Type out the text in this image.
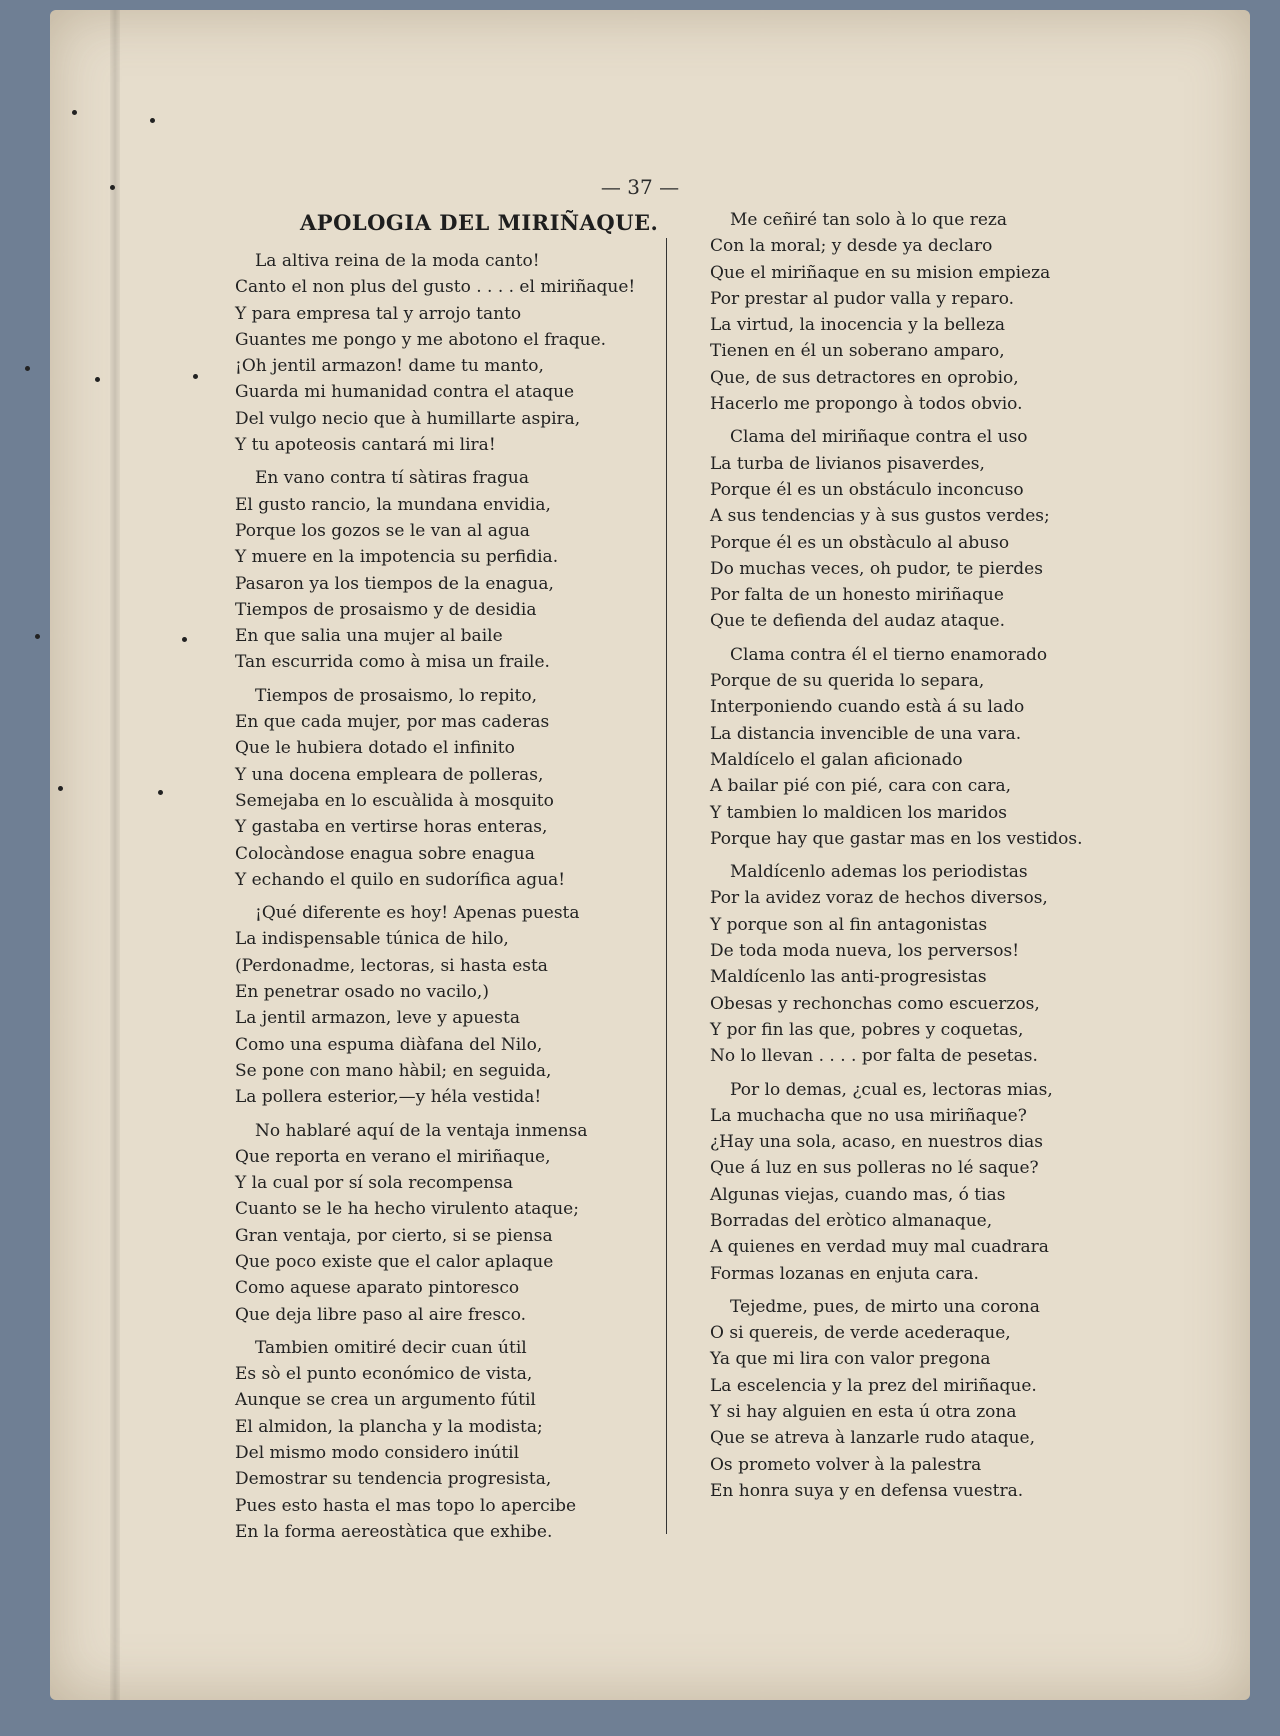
— 37 —
APOLOGIA DEL MIRIÑAQUE.
La altiva reina de la moda canto!
Canto el non plus del gusto . . . . el miriñaque!
Y para empresa tal y arrojo tanto
Guantes me pongo y me abotono el fraque.
¡Oh jentil armazon! dame tu manto,
Guarda mi humanidad contra el ataque
Del vulgo necio que à humillarte aspira,
Y tu apoteosis cantará mi lira!
En vano contra tí sàtiras fragua
El gusto rancio, la mundana envidia,
Porque los gozos se le van al agua
Y muere en la impotencia su perfidia.
Pasaron ya los tiempos de la enagua,
Tiempos de prosaismo y de desidia
En que salia una mujer al baile
Tan escurrida como à misa un fraile.
Tiempos de prosaismo, lo repito,
En que cada mujer, por mas caderas
Que le hubiera dotado el infinito
Y una docena empleara de polleras,
Semejaba en lo escuàlida à mosquito
Y gastaba en vertirse horas enteras,
Colocàndose enagua sobre enagua
Y echando el quilo en sudorífica agua!
¡Qué diferente es hoy! Apenas puesta
La indispensable túnica de hilo,
(Perdonadme, lectoras, si hasta esta
En penetrar osado no vacilo,)
La jentil armazon, leve y apuesta
Como una espuma diàfana del Nilo,
Se pone con mano hàbil; en seguida,
La pollera esterior,—y héla vestida!
No hablaré aquí de la ventaja inmensa
Que reporta en verano el miriñaque,
Y la cual por sí sola recompensa
Cuanto se le ha hecho virulento ataque;
Gran ventaja, por cierto, si se piensa
Que poco existe que el calor aplaque
Como aquese aparato pintoresco
Que deja libre paso al aire fresco.
Tambien omitiré decir cuan útil
Es sò el punto económico de vista,
Aunque se crea un argumento fútil
El almidon, la plancha y la modista;
Del mismo modo considero inútil
Demostrar su tendencia progresista,
Pues esto hasta el mas topo lo apercibe
En la forma aereostàtica que exhibe.
Me ceñiré tan solo à lo que reza
Con la moral; y desde ya declaro
Que el miriñaque en su mision empieza
Por prestar al pudor valla y reparo.
La virtud, la inocencia y la belleza
Tienen en él un soberano amparo,
Que, de sus detractores en oprobio,
Hacerlo me propongo à todos obvio.
Clama del miriñaque contra el uso
La turba de livianos pisaverdes,
Porque él es un obstáculo inconcuso
A sus tendencias y à sus gustos verdes;
Porque él es un obstàculo al abuso
Do muchas veces, oh pudor, te pierdes
Por falta de un honesto miriñaque
Que te defienda del audaz ataque.
Clama contra él el tierno enamorado
Porque de su querida lo separa,
Interponiendo cuando està á su lado
La distancia invencible de una vara.
Maldícelo el galan aficionado
A bailar pié con pié, cara con cara,
Y tambien lo maldicen los maridos
Porque hay que gastar mas en los vestidos.
Maldícenlo ademas los periodistas
Por la avidez voraz de hechos diversos,
Y porque son al fin antagonistas
De toda moda nueva, los perversos!
Maldícenlo las anti-progresistas
Obesas y rechonchas como escuerzos,
Y por fin las que, pobres y coquetas,
No lo llevan . . . . por falta de pesetas.
Por lo demas, ¿cual es, lectoras mias,
La muchacha que no usa miriñaque?
¿Hay una sola, acaso, en nuestros dias
Que á luz en sus polleras no lé saque?
Algunas viejas, cuando mas, ó tias
Borradas del eròtico almanaque,
A quienes en verdad muy mal cuadrara
Formas lozanas en enjuta cara.
Tejedme, pues, de mirto una corona
O si quereis, de verde acederaque,
Ya que mi lira con valor pregona
La escelencia y la prez del miriñaque.
Y si hay alguien en esta ú otra zona
Que se atreva à lanzarle rudo ataque,
Os prometo volver à la palestra
En honra suya y en defensa vuestra.
